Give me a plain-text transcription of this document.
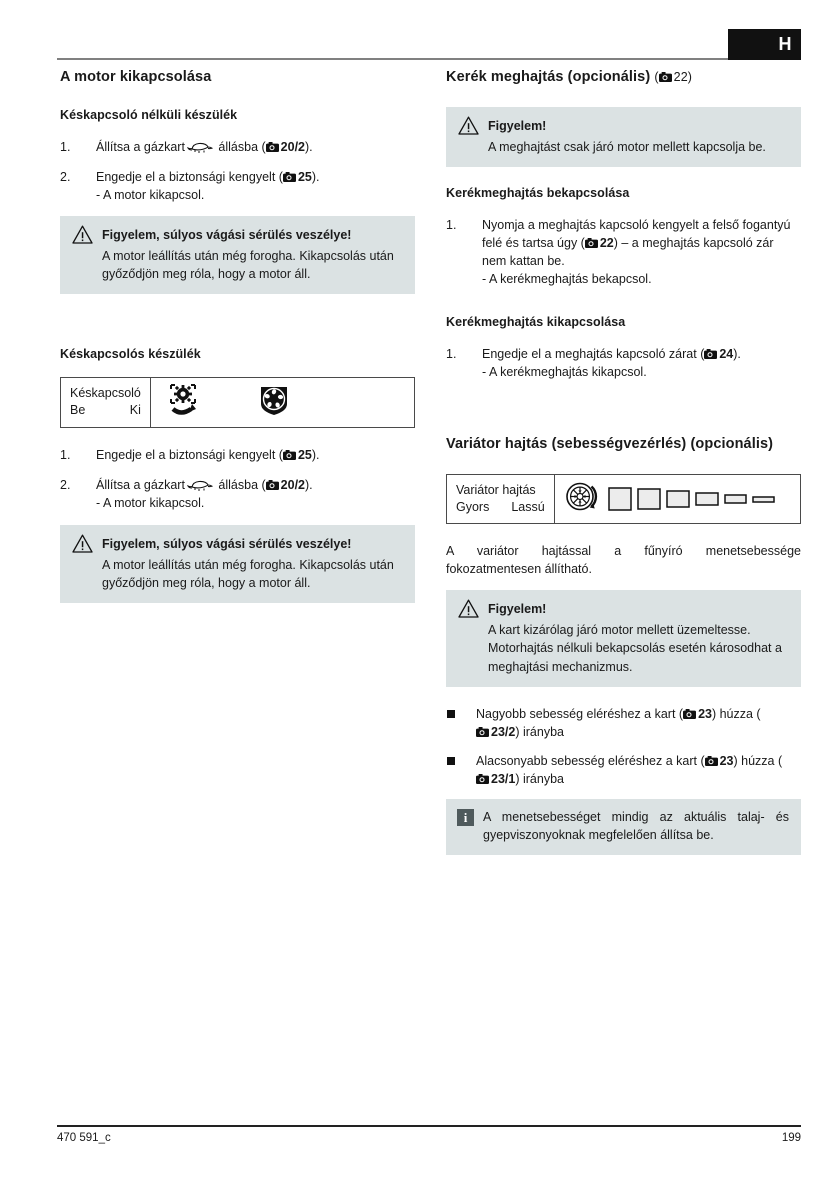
H
A motor kikapcsolása
Késkapcsoló nélküli készülék
1.	Állítsa a gázkart	állásba ( 20/2).
2.	Engedje el a biztonsági kengyelt ( 25).
- A motor kikapcsol.
Figyelem, súlyos vágási sérülés veszélye!
A motor leállítás után még forogha. Kikapcsolás után győződjön meg róla, hogy a motor áll.
Késkapcsolós készülék
Késkapcsoló
Be	Ki
1.	Engedje el a biztonsági kengyelt ( 25).
2.	Állítsa a gázkart	állásba ( 20/2).
- A motor kikapcsol.
Figyelem, súlyos vágási sérülés veszélye!
A motor leállítás után még forogha. Kikapcsolás után győződjön meg róla, hogy a motor áll.
Kerék meghajtás (opcionális) ( 22)
Figyelem!
A meghajtást csak járó motor mellett kapcsolja be.
Kerékmeghajtás bekapcsolása
1.	Nyomja a meghajtás kapcsoló kengyelt a felső fogantyú felé és tartsa úgy ( 22) – a meghajtás kapcsoló zár nem kattan be.
- A kerékmeghajtás bekapcsol.
Kerékmeghajtás kikapcsolása
1.	Engedje el a meghajtás kapcsoló zárat ( 24).
- A kerékmeghajtás kikapcsol.
Variátor hajtás (sebességvezérlés) (opcionális)
Variátor hajtás
Gyors Lassú

A variátor hajtással a fűnyíró menetsebessége fokozatmentesen állítható.

Figyelem!
A kart kizárólag járó motor mellett üzemeltesse. Motorhajtás nélkuli bekapcsolás esetén károsodhat a meghajtási mechanizmus.
Nagyobb sebesség eléréshez a kart ( 23) húzza (23/2) irányba
Alacsonyabb sebesség eléréshez a kart ( 23) húzza (23/1) irányba
i	A menetsebességet mindig az aktuális talaj- és gyepviszonyoknak megfelelően állítsa be.
470 591_c	199
